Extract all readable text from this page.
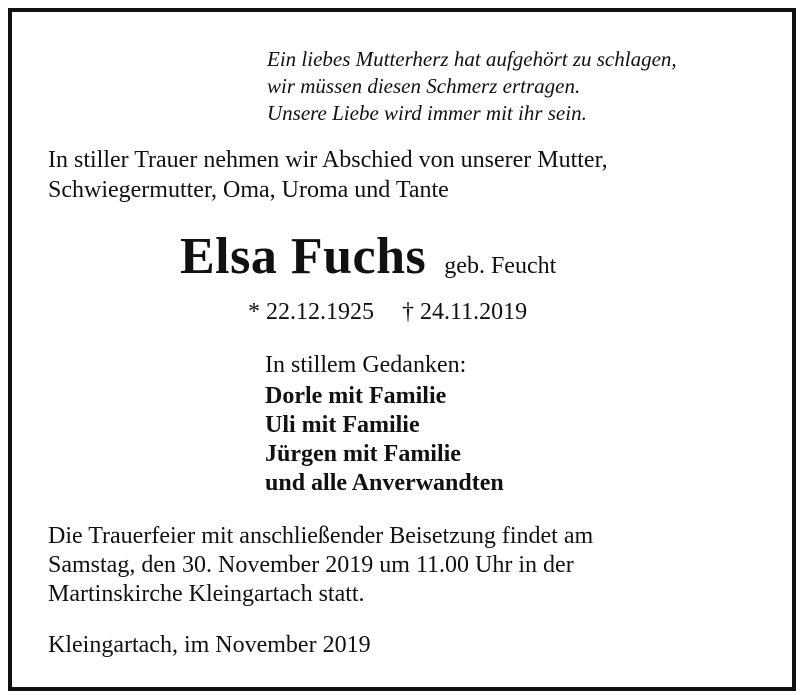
Ein liebes Mutterherz hat aufgehört zu schlagen,
wir müssen diesen Schmerz ertragen.
Unsere Liebe wird immer mit ihr sein.
In stiller Trauer nehmen wir Abschied von unserer Mutter,
Schwiegermutter, Oma, Uroma und Tante
Elsa Fuchs geb. Feucht
* 22.12.1925 † 24.11.2019
In stillem Gedanken:
Dorle mit Familie
Uli mit Familie
Jürgen mit Familie
und alle Anverwandten
Die Trauerfeier mit anschließender Beisetzung findet am
Samstag, den 30. November 2019 um 11.00 Uhr in der
Martinskirche Kleingartach statt.
Kleingartach, im November 2019
